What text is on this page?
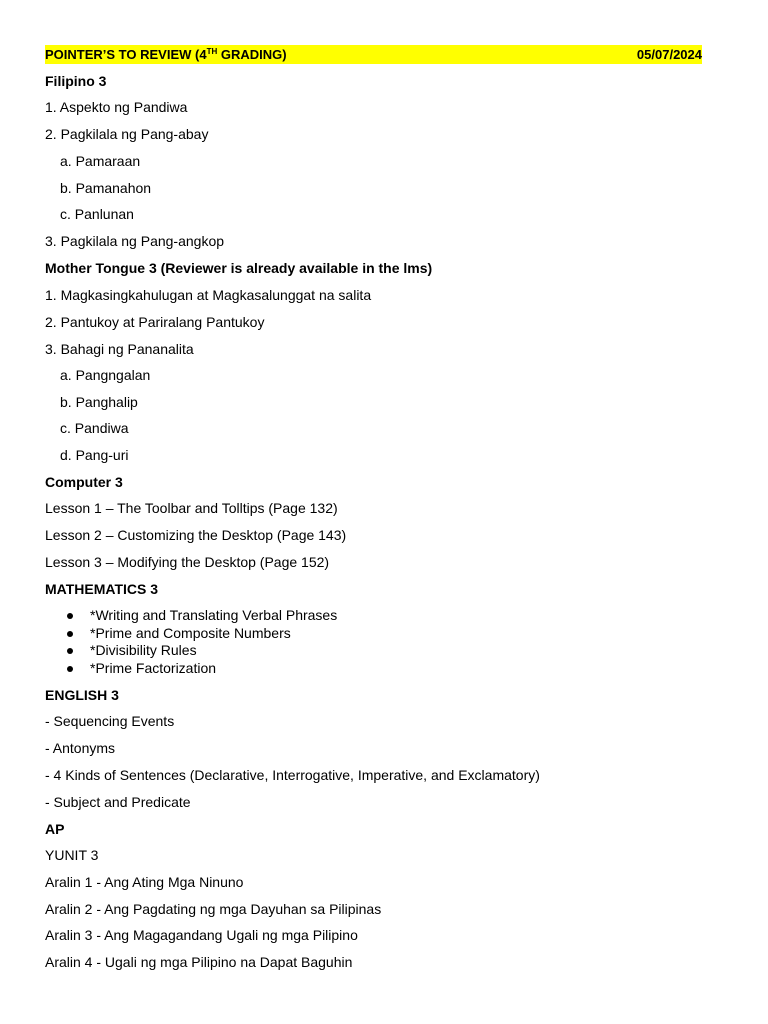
POINTER’S TO REVIEW (4TH GRADING)	05/07/2024
Filipino 3
1. Aspekto ng Pandiwa
2. Pagkilala ng Pang-abay
a. Pamaraan
b. Pamanahon
c. Panlunan
3. Pagkilala ng Pang-angkop
Mother Tongue 3 (Reviewer is already available in the lms)
1. Magkasingkahulugan at Magkasalunggat na salita
2. Pantukoy at Pariralang Pantukoy
3. Bahagi ng Pananalita
a. Pangngalan
b. Panghalip
c. Pandiwa
d. Pang-uri
Computer 3
Lesson 1 – The Toolbar and Tolltips (Page 132)
Lesson 2 – Customizing the Desktop (Page 143)
Lesson 3 – Modifying the Desktop (Page 152)
MATHEMATICS 3
*Writing and Translating Verbal Phrases
*Prime and Composite Numbers
*Divisibility Rules
*Prime Factorization
ENGLISH 3
- Sequencing Events
- Antonyms
- 4 Kinds of Sentences (Declarative, Interrogative, Imperative, and Exclamatory)
- Subject and Predicate
AP
YUNIT 3
Aralin 1 - Ang Ating Mga Ninuno
Aralin 2 - Ang Pagdating ng mga Dayuhan sa Pilipinas
Aralin 3 - Ang Magagandang Ugali ng mga Pilipino
Aralin 4 - Ugali ng mga Pilipino na Dapat Baguhin
